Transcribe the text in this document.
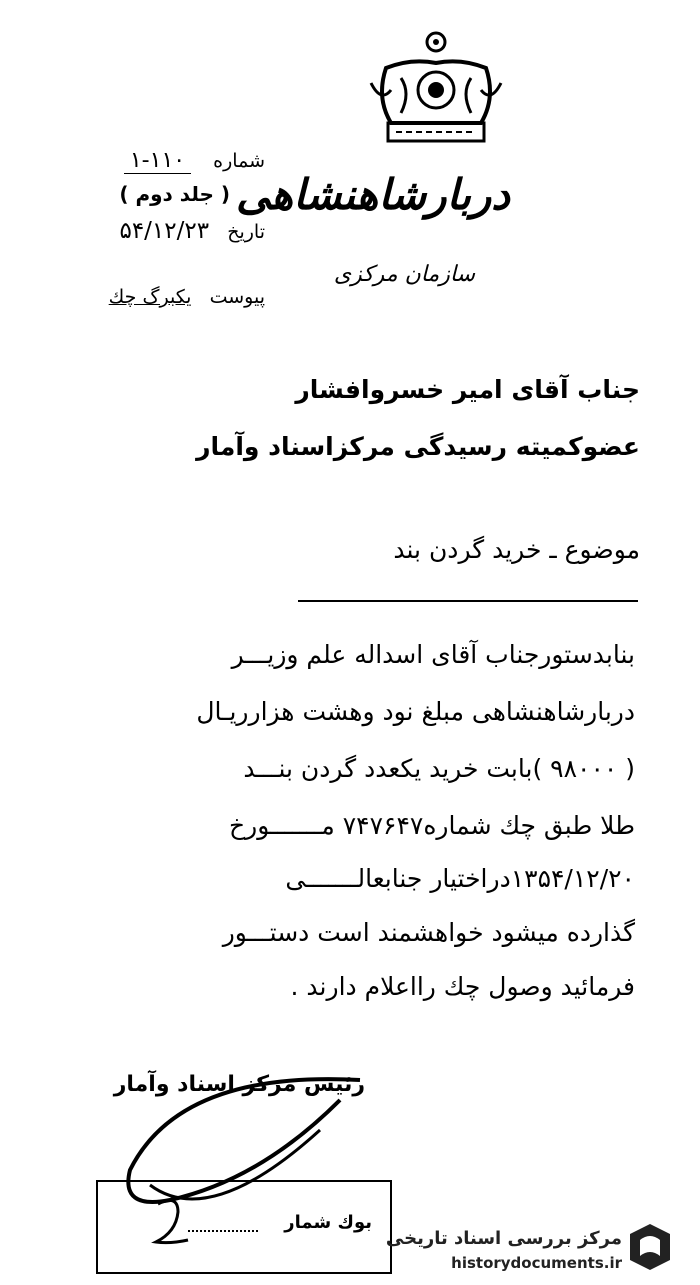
دربارشاهنشاهی
سازمان مرکزی
شماره  ۱۱۰-۱
( جلد دوم )
تاریخ  ۵۴/۱۲/۲۳
پیوست  یکبرگ چك
جناب آقای امیر خسروافشار
عضوکمیته رسیدگی مرکزاسناد وآمار
موضوع ـ خرید گردن بند
بنابدستورجناب آقای اسداله علم وزیـــر
دربارشاهنشاهی مبلغ نود وهشت هزارریـال
( ۹۸۰۰۰ )بابت خرید یکعدد گردن بنـــد
طلا طبق چك شماره۷۴۷۶۴۷ مـــــــورخ
۱۳۵۴/۱۲/۲۰دراختیار جنابعالـــــــی
گذارده میشود خواهشمند است دستـــور
فرمائید وصول چك رااعلام دارند .
رئیس مرکز اسناد وآمار
بوك شمار
مرکز بررسی اسناد تاریخی
historydocuments.ir
